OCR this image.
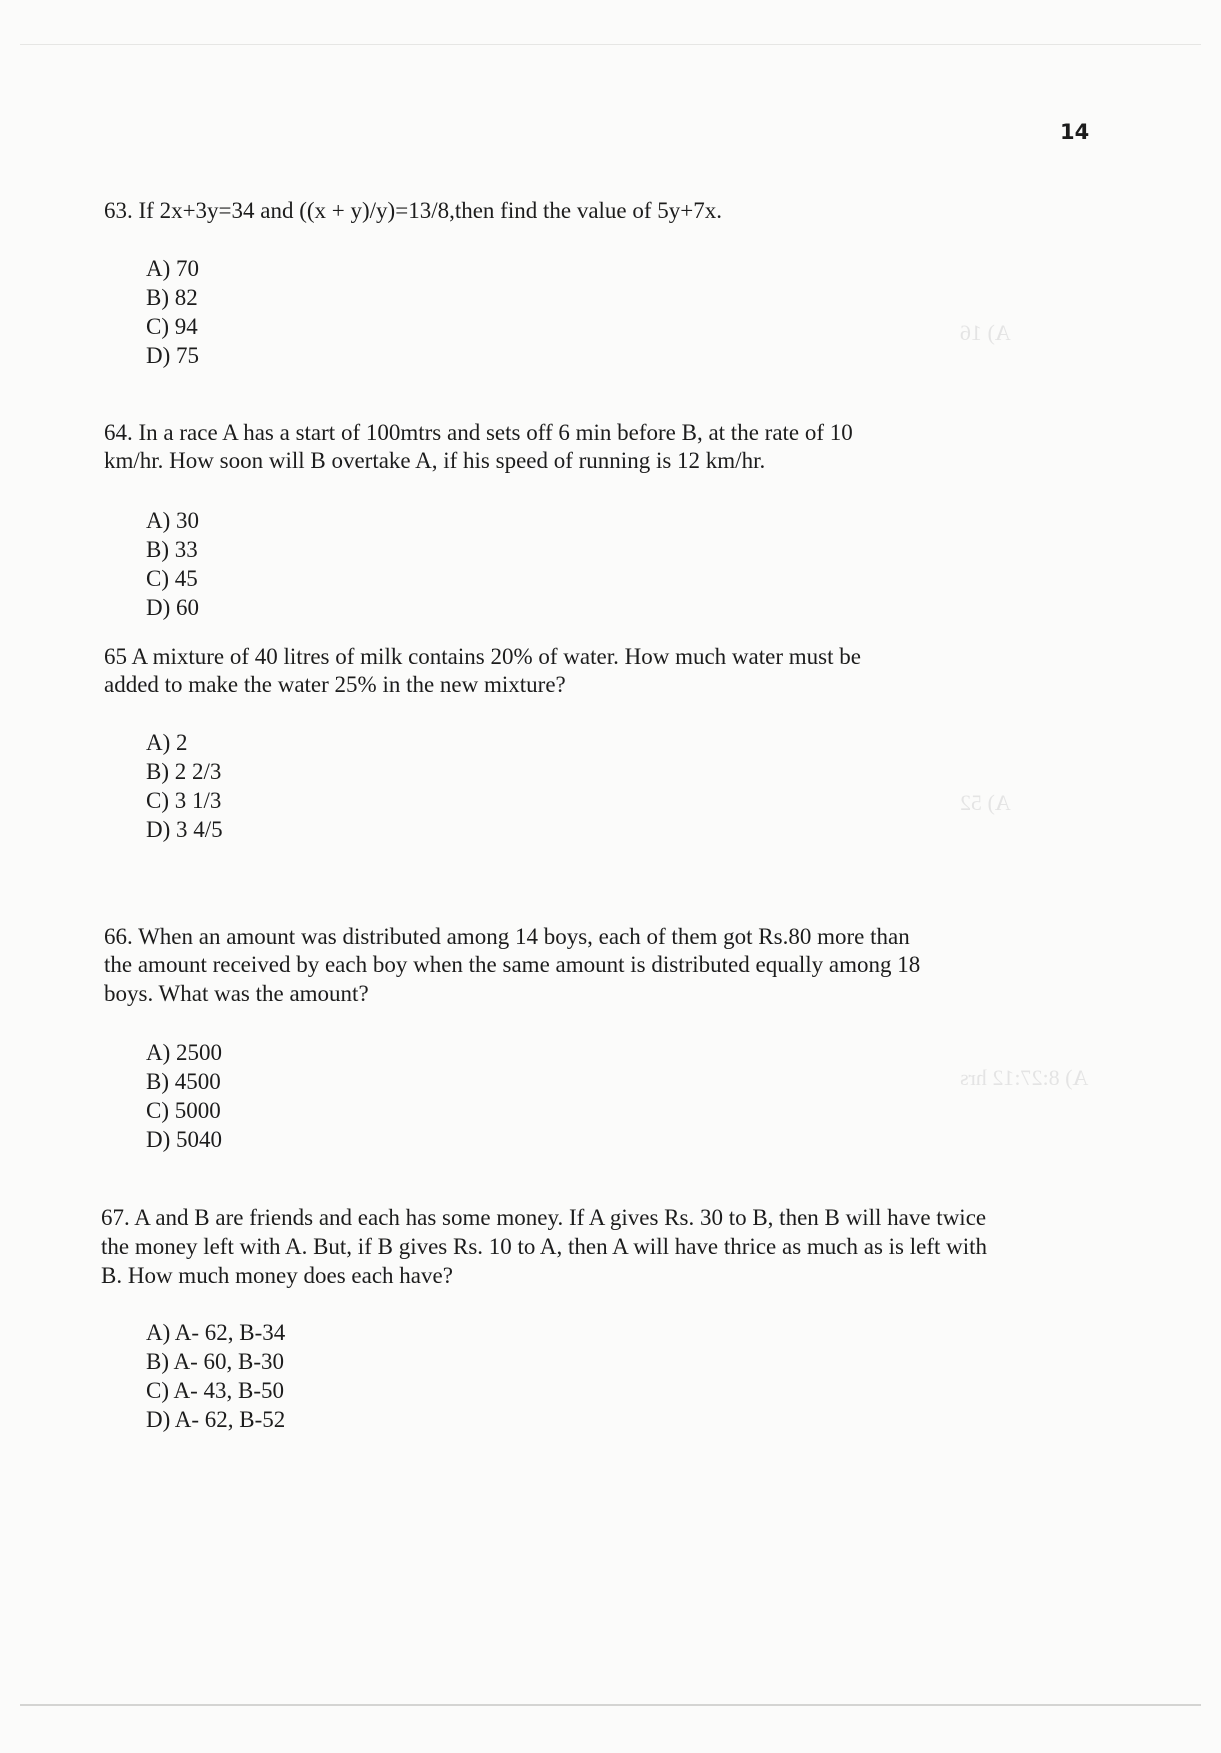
14
A) 16
A) 52
A) 8:27:12 hrs
63. If 2x+3y=34 and ((x + y)/y)=13/8,then find the value of 5y+7x.
A) 70
B) 82
C) 94
D) 75
64. In a race A has a start of 100mtrs and sets off 6 min before B, at the rate of 10
km/hr. How soon will B overtake A, if his speed of running is 12 km/hr.
A) 30
B) 33
C) 45
D) 60
65 A mixture of 40 litres of milk contains 20% of water. How much water must be
added to make the water 25% in the new mixture?
A) 2
B) 2 2/3
C) 3 1/3
D) 3 4/5
66. When an amount was distributed among 14 boys, each of them got Rs.80 more than
the amount received by each boy when the same amount is distributed equally among 18
boys. What was the amount?
A) 2500
B) 4500
C) 5000
D) 5040
67. A and B are friends and each has some money. If A gives Rs. 30 to B, then B will have twice
the money left with A. But, if B gives Rs. 10 to A, then A will have thrice as much as is left with
B. How much money does each have?
A) A- 62, B-34
B) A- 60, B-30
C) A- 43, B-50
D) A- 62, B-52
